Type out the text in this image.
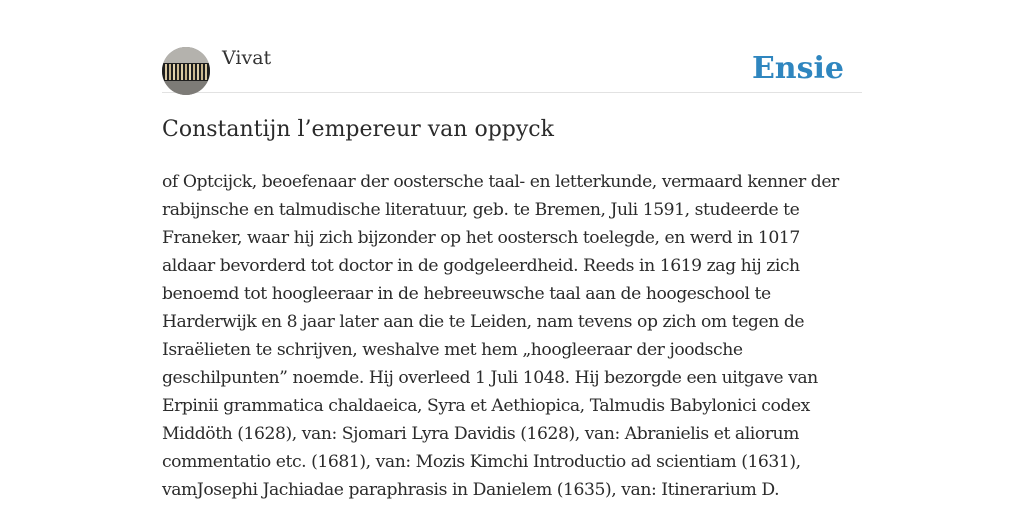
Vivat	Ensie
Constantijn l’empereur van oppyck

of Optcijck, beoefenaar der oostersche taal- en letterkunde, vermaard kenner der
rabijnsche en talmudische literatuur, geb. te Bremen, Juli 1591, studeerde te
Franeker, waar hij zich bijzonder op het oostersch toelegde, en werd in 1017
aldaar bevorderd tot doctor in de godgeleerdheid. Reeds in 1619 zag hij zich
benoemd tot hoogleeraar in de hebreeuwsche taal aan de hoogeschool te
Harderwijk en 8 jaar later aan die te Leiden, nam tevens op zich om tegen de
Israëlieten te schrijven, weshalve met hem „hoogleeraar der joodsche
geschilpunten” noemde. Hij overleed 1 Juli 1048. Hij bezorgde een uitgave van
Erpinii grammatica chaldaeica, Syra et Aethiopica, Talmudis Babylonici codex
Middöth (1628), van: Sjomari Lyra Davidis (1628), van: Abranielis et aliorum
commentatio etc. (1681), van: Mozis Kimchi Introductio ad scientiam (1631),
vamJosephi Jachiadae paraphrasis in Danielem (1635), van: Itinerarium D.
